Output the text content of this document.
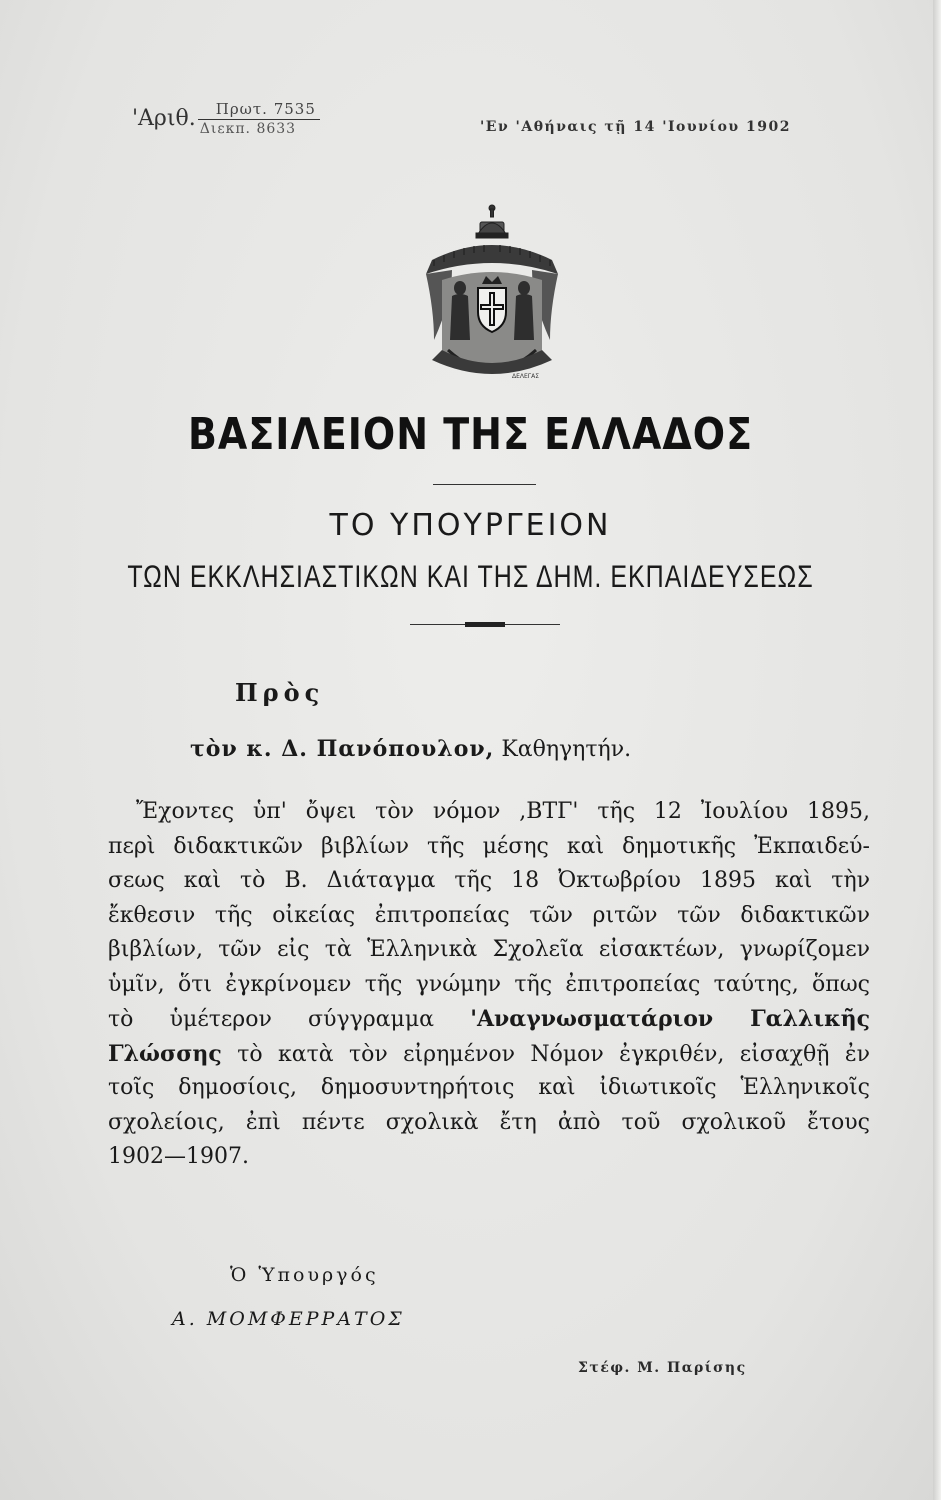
'Αριθ. $\frac{\text{Πρωτ. 7535}}{\text{Διεκπ. 8633}}$	'Εν 'Αθήναις τῇ 14 'Ιουνίου 1902
ΔΕΛΕΓΑΣ
ΒΑΣΙΛΕΙΟΝ ΤΗΣ ΕΛΛΑΔΟΣ
ΤΟ ΥΠΟΥΡΓΕΙΟΝ
ΤΩΝ ΕΚΚΛΗΣΙΑΣΤΙΚΩΝ ΚΑΙ ΤΗΣ ΔΗΜ. ΕΚΠΑΙΔΕΥΣΕΩΣ
Πρὸς
τὸν κ. Δ. Πανόπουλον, Καθηγητήν.
Ἔχοντες ὑπ' ὄψει τὸν νόμον ,ΒΤΓ' τῆς 12 Ἰουλίου 1895,
περὶ διδακτικῶν βιβλίων τῆς μέσης καὶ δημοτικῆς Ἐκπαιδεύ-
σεως καὶ τὸ Β. Διάταγμα τῆς 18 Ὀκτωβρίου 1895 καὶ τὴν
ἔκθεσιν τῆς οἰκείας ἐπιτροπείας τῶν ριτῶν τῶν διδακτικῶν
βιβλίων, τῶν εἰς τὰ Ἑλληνικὰ Σχολεῖα εἰσακτέων, γνωρίζομεν
ὑμῖν, ὅτι ἐγκρίνομεν τῆς γνώμην τῆς ἐπιτροπείας ταύτης, ὅπως
τὸ ὑμέτερον σύγγραμμα 'Αναγνωσματάριον Γαλλικῆς
Γλώσσης τὸ κατὰ τὸν εἰρημένον Νόμον ἐγκριθέν, εἰσαχθῇ ἐν
τοῖς δημοσίοις, δημοσυντηρήτοις καὶ ἰδιωτικοῖς Ἑλληνικοῖς
σχολείοις, ἐπὶ πέντε σχολικὰ ἔτη ἀπὸ τοῦ σχολικοῦ ἔτους
1902—1907.
Ὁ Ὑπουργός
Α. ΜΟΜΦΕΡΡΑΤΟΣ
Στέφ. Μ. Παρίσης
